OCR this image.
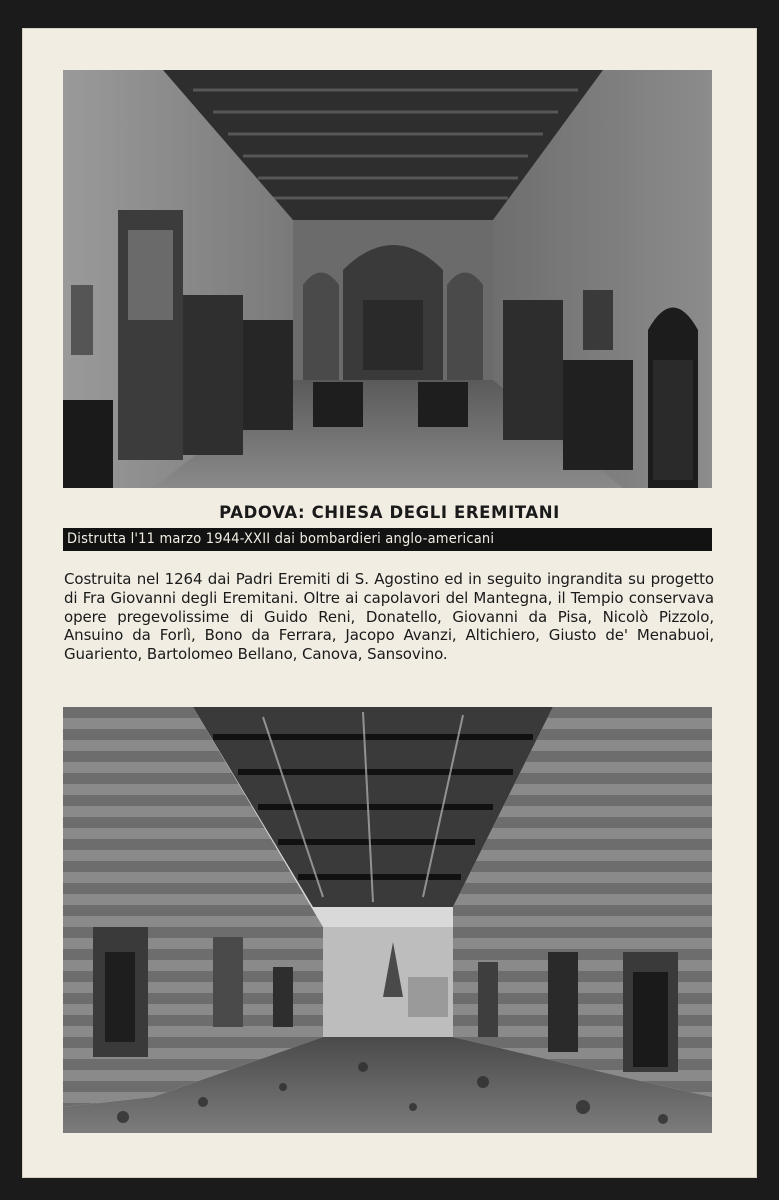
PADOVA: CHIESA DEGLI EREMITANI
Distrutta l'11 marzo 1944-XXII dai bombardieri anglo-americani
Costruita nel 1264 dai Padri Eremiti di S. Agostino ed in seguito ingrandita su progetto di Fra Giovanni degli Eremitani. Oltre ai capolavori del Mantegna, il Tempio conservava opere pregevolissime di Guido Reni, Donatello, Giovanni da Pisa, Nicolò Pizzolo, Ansuino da Forlì, Bono da Ferrara, Jacopo Avanzi, Altichiero, Giusto de' Menabuoi, Guariento, Bartolomeo Bellano, Canova, Sansovino.
